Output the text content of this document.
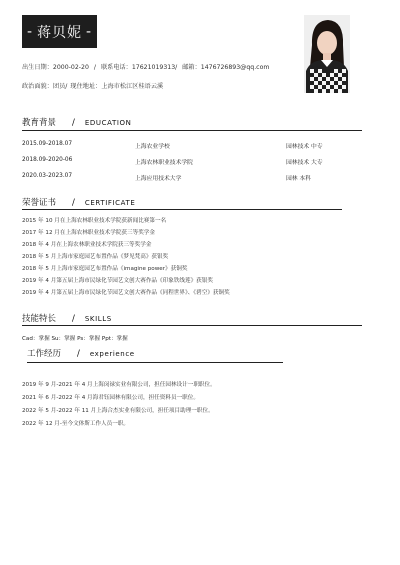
- 蒋贝妮 -
出生日期：2000-02-20 / 联系电话：17621019313/ 邮箱：1476726893@qq.com
政治面貌：团员/ 现住地址：上海市松江区桂语云溪
教育背景 / EDUCATION
2015.09-2018.07	上海农业学校	园林技术 中专
2018.09-2020-06	上海农林职业技术学院	园林技术 大专
2020.03-2023.07	上海应用技术大学	园林 本科
荣誉证书 / CERTIFICATE
2015 年 10 月在上海农林职业技术学院获新闻比赛第一名
2017 年 12 月在上海农林职业技术学院获三等奖学金
2018 年 4 月在上海农林职业技术学院获三等奖学金
2018 年 5 月上海市家庭园艺布置作品《梦见梵高》获银奖
2018 年 5 月上海市家庭园艺布置作品《imagine power》获铜奖
2019 年 4 月第五届上海市民绿化节园艺文创大赛作品《印象铁线莲》获银奖
2019 年 4 月第五届上海市民绿化节园艺文创大赛作品《同程世界》、《碧空》获铜奖
技能特长 / SKILLS
Cad：掌握 Su：掌握 Ps：掌握 Ppt：掌握
工作经历 / experience
2019 年 9 月-2021 年 4 月上海闵禄实业有限公司，担任园林设计一职职位。
2021 年 6 月-2022 年 4 月海君钰园林有限公司，担任资料员一职位。
2022 年 5 月-2022 年 11 月上海合杰实业有限公司，担任项目助理一职位。
2022 年 12 月-至今文体斯工作人员一职。
